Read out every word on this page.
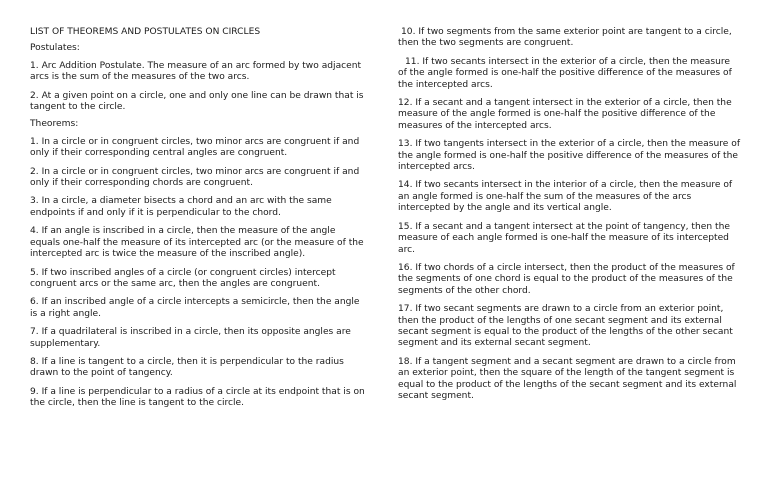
LIST OF THEOREMS AND POSTULATES ON CIRCLES
Postulates:
1. Arc Addition Postulate. The measure of an arc formed by two adjacent arcs is the sum of the measures of the two arcs.
2. At a given point on a circle, one and only one line can be drawn that is tangent to the circle.
Theorems:
1. In a circle or in congruent circles, two minor arcs are congruent if and only if their corresponding central angles are congruent.
2. In a circle or in congruent circles, two minor arcs are congruent if and only if their corresponding chords are congruent.
3. In a circle, a diameter bisects a chord and an arc with the same endpoints if and only if it is perpendicular to the chord.
4. If an angle is inscribed in a circle, then the measure of the angle equals one-half the measure of its intercepted arc (or the measure of the intercepted arc is twice the measure of the inscribed angle).
5. If two inscribed angles of a circle (or congruent circles) intercept congruent arcs or the same arc, then the angles are congruent.
6. If an inscribed angle of a circle intercepts a semicircle, then the angle is a right angle.
7. If a quadrilateral is inscribed in a circle, then its opposite angles are supplementary.
8. If a line is tangent to a circle, then it is perpendicular to the radius drawn to the point of tangency.
9. If a line is perpendicular to a radius of a circle at its endpoint that is on the circle, then the line is tangent to the circle.
10. If two segments from the same exterior point are tangent to a circle, then the two segments are congruent.
11. If two secants intersect in the exterior of a circle, then the measure of the angle formed is one-half the positive difference of the measures of the intercepted arcs.
12. If a secant and a tangent intersect in the exterior of a circle, then the measure of the angle formed is one-half the positive difference of the measures of the intercepted arcs.
13. If two tangents intersect in the exterior of a circle, then the measure of the angle formed is one-half the positive difference of the measures of the intercepted arcs.
14. If two secants intersect in the interior of a circle, then the measure of an angle formed is one-half the sum of the measures of the arcs intercepted by the angle and its vertical angle.
15. If a secant and a tangent intersect at the point of tangency, then the measure of each angle formed is one-half the measure of its intercepted arc.
16. If two chords of a circle intersect, then the product of the measures of the segments of one chord is equal to the product of the measures of the segments of the other chord.
17. If two secant segments are drawn to a circle from an exterior point, then the product of the lengths of one secant segment and its external secant segment is equal to the product of the lengths of the other secant segment and its external secant segment.
18. If a tangent segment and a secant segment are drawn to a circle from an exterior point, then the square of the length of the tangent segment is equal to the product of the lengths of the secant segment and its external secant segment.
